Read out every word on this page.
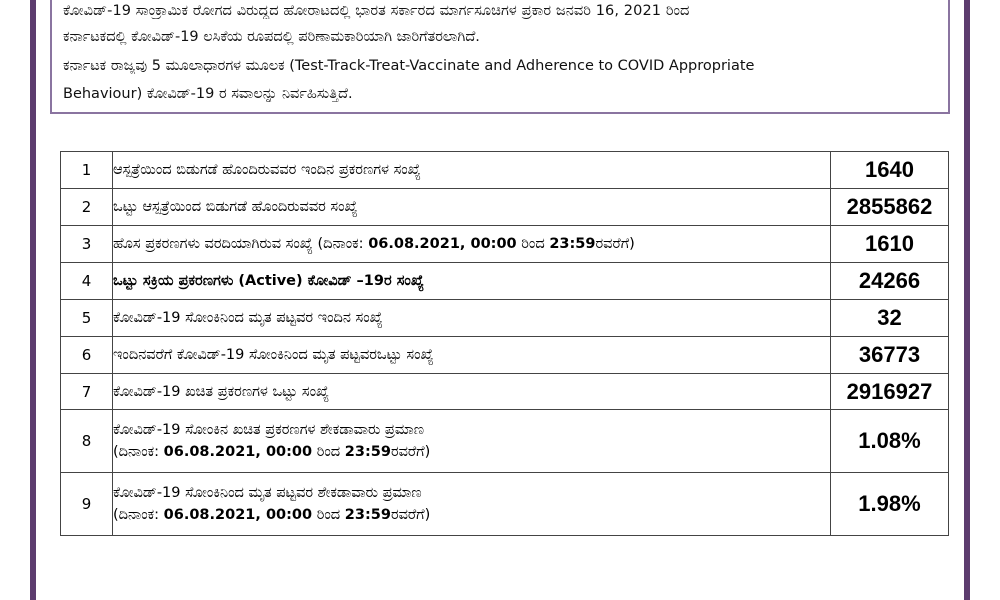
ಕೋವಿಡ್-19 ಸಾಂಕ್ರಾಮಿಕ ರೋಗದ ವಿರುದ್ಧದ ಹೋರಾಟದಲ್ಲಿ ಭಾರತ ಸರ್ಕಾರದ ಮಾರ್ಗಸೂಚಿಗಳ ಪ್ರಕಾರ ಜನವರಿ 16, 2021 ರಿಂದ
ಕರ್ನಾಟಕದಲ್ಲಿ ಕೋವಿಡ್-19 ಲಸಿಕೆಯ ರೂಪದಲ್ಲಿ ಪರಿಣಾಮಕಾರಿಯಾಗಿ ಜಾರಿಗೆತರಲಾಗಿದೆ.
ಕರ್ನಾಟಕ ರಾಜ್ಯವು 5 ಮೂಲಾಧಾರಗಳ ಮೂಲಕ (Test-Track-Treat-Vaccinate and Adherence to COVID Appropriate
Behaviour) ಕೋವಿಡ್-19 ರ ಸವಾಲನ್ನು ನಿರ್ವಹಿಸುತ್ತಿದೆ.
1	ಆಸ್ಪತ್ರೆಯಿಂದ ಬಿಡುಗಡೆ ಹೊಂದಿರುವವರ ಇಂದಿನ ಪ್ರಕರಣಗಳ ಸಂಖ್ಯೆ	1640
2	ಒಟ್ಟು ಆಸ್ಪತ್ರೆಯಿಂದ ಬಿಡುಗಡೆ ಹೊಂದಿರುವವರ ಸಂಖ್ಯೆ	2855862
3	ಹೊಸ ಪ್ರಕರಣಗಳು ವರದಿಯಾಗಿರುವ ಸಂಖ್ಯೆ (ದಿನಾಂಕ: 06.08.2021, 00:00 ರಿಂದ 23:59ರವರೆಗೆ)	1610
4	ಒಟ್ಟು ಸಕ್ರಿಯ ಪ್ರಕರಣಗಳು (Active) ಕೋವಿಡ್ –19ರ ಸಂಖ್ಯೆ	24266
5	ಕೋವಿಡ್-19 ಸೋಂಕಿನಿಂದ ಮೃತ ಪಟ್ಟವರ ಇಂದಿನ ಸಂಖ್ಯೆ	32
6	ಇಂದಿನವರೆಗೆ ಕೋವಿಡ್-19 ಸೋಂಕಿನಿಂದ ಮೃತ ಪಟ್ಟವರಒಟ್ಟು ಸಂಖ್ಯೆ	36773
7	ಕೋವಿಡ್-19 ಖಚಿತ ಪ್ರಕರಣಗಳ ಒಟ್ಟು ಸಂಖ್ಯೆ	2916927
8	ಕೋವಿಡ್-19 ಸೋಂಕಿನ ಖಚಿತ ಪ್ರಕರಣಗಳ ಶೇಕಡಾವಾರು ಪ್ರಮಾಣ
(ದಿನಾಂಕ: 06.08.2021, 00:00 ರಿಂದ 23:59ರವರೆಗೆ)	1.08%
9	ಕೋವಿಡ್-19 ಸೋಂಕಿನಿಂದ ಮೃತ ಪಟ್ಟವರ ಶೇಕಡಾವಾರು ಪ್ರಮಾಣ
(ದಿನಾಂಕ: 06.08.2021, 00:00 ರಿಂದ 23:59ರವರೆಗೆ)	1.98%
